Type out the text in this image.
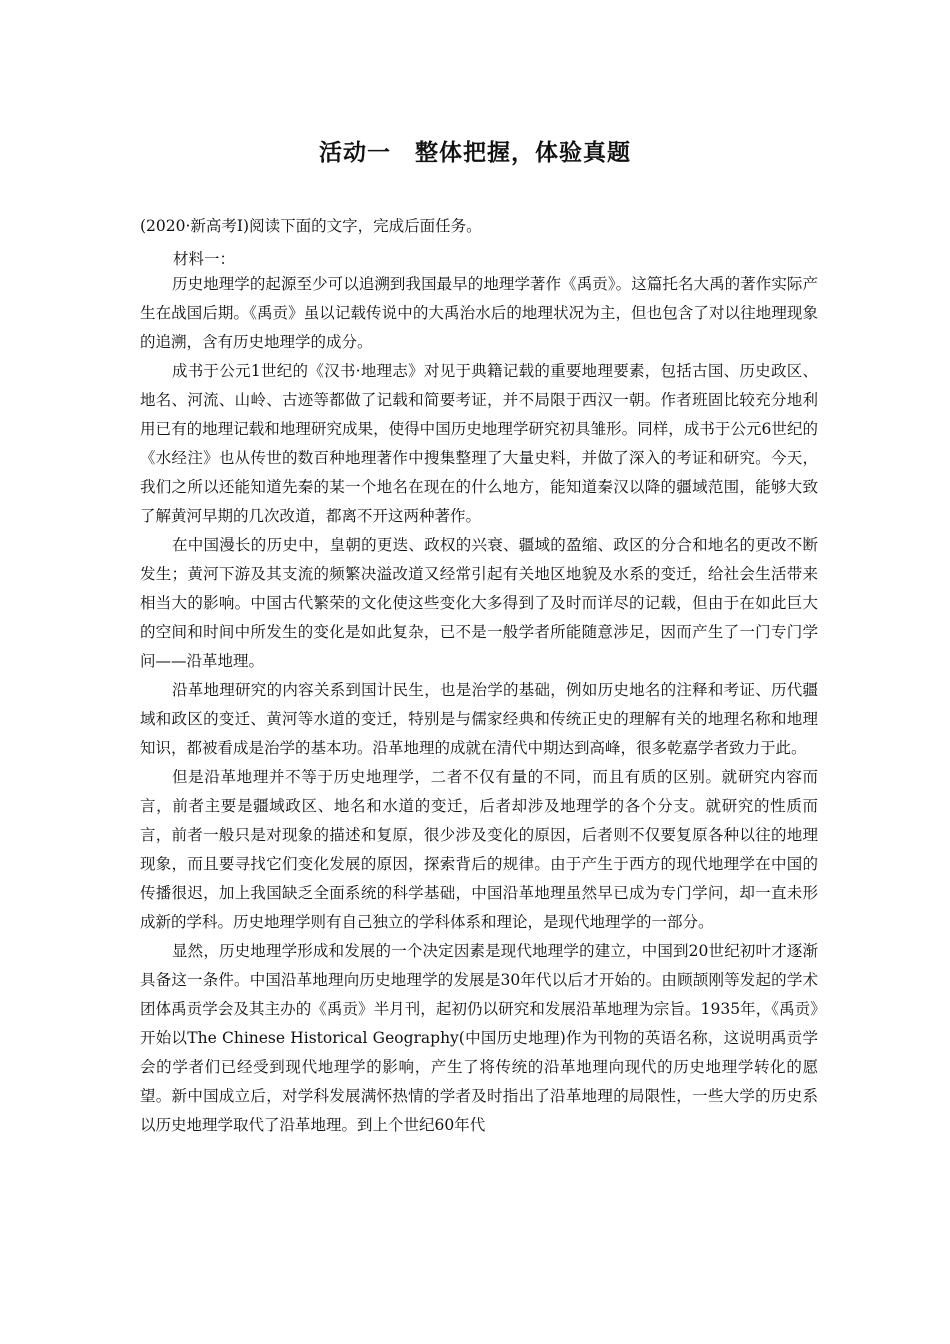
活动一　整体把握，体验真题
(2020·新高考Ⅰ)阅读下面的文字，完成后面任务。
材料一：

历史地理学的起源至少可以追溯到我国最早的地理学著作《禹贡》。这篇托名大禹的著作实际产生在战国后期。《禹贡》虽以记载传说中的大禹治水后的地理状况为主，但也包含了对以往地理现象的追溯，含有历史地理学的成分。

成书于公元1世纪的《汉书·地理志》对见于典籍记载的重要地理要素，包括古国、历史政区、地名、河流、山岭、古迹等都做了记载和简要考证，并不局限于西汉一朝。作者班固比较充分地利用已有的地理记载和地理研究成果，使得中国历史地理学研究初具雏形。同样，成书于公元6世纪的《水经注》也从传世的数百种地理著作中搜集整理了大量史料，并做了深入的考证和研究。今天，我们之所以还能知道先秦的某一个地名在现在的什么地方，能知道秦汉以降的疆域范围，能够大致了解黄河早期的几次改道，都离不开这两种著作。

在中国漫长的历史中，皇朝的更迭、政权的兴衰、疆域的盈缩、政区的分合和地名的更改不断发生；黄河下游及其支流的频繁决溢改道又经常引起有关地区地貌及水系的变迁，给社会生活带来相当大的影响。中国古代繁荣的文化使这些变化大多得到了及时而详尽的记载，但由于在如此巨大的空间和时间中所发生的变化是如此复杂，已不是一般学者所能随意涉足，因而产生了一门专门学问——沿革地理。

沿革地理研究的内容关系到国计民生，也是治学的基础，例如历史地名的注释和考证、历代疆域和政区的变迁、黄河等水道的变迁，特别是与儒家经典和传统正史的理解有关的地理名称和地理知识，都被看成是治学的基本功。沿革地理的成就在清代中期达到高峰，很多乾嘉学者致力于此。

但是沿革地理并不等于历史地理学，二者不仅有量的不同，而且有质的区别。就研究内容而言，前者主要是疆域政区、地名和水道的变迁，后者却涉及地理学的各个分支。就研究的性质而言，前者一般只是对现象的描述和复原，很少涉及变化的原因，后者则不仅要复原各种以往的地理现象，而且要寻找它们变化发展的原因，探索背后的规律。由于产生于西方的现代地理学在中国的传播很迟，加上我国缺乏全面系统的科学基础，中国沿革地理虽然早已成为专门学问，却一直未形成新的学科。历史地理学则有自己独立的学科体系和理论，是现代地理学的一部分。

显然，历史地理学形成和发展的一个决定因素是现代地理学的建立，中国到20世纪初叶才逐渐具备这一条件。中国沿革地理向历史地理学的发展是30年代以后才开始的。由顾颉刚等发起的学术团体禹贡学会及其主办的《禹贡》半月刊，起初仍以研究和发展沿革地理为宗旨。1935年，《禹贡》开始以The Chinese Historical Geography(中国历史地理)作为刊物的英语名称，这说明禹贡学会的学者们已经受到现代地理学的影响，产生了将传统的沿革地理向现代的历史地理学转化的愿望。新中国成立后，对学科发展满怀热情的学者及时指出了沿革地理的局限性，一些大学的历史系以历史地理学取代了沿革地理。到上个世纪60年代
